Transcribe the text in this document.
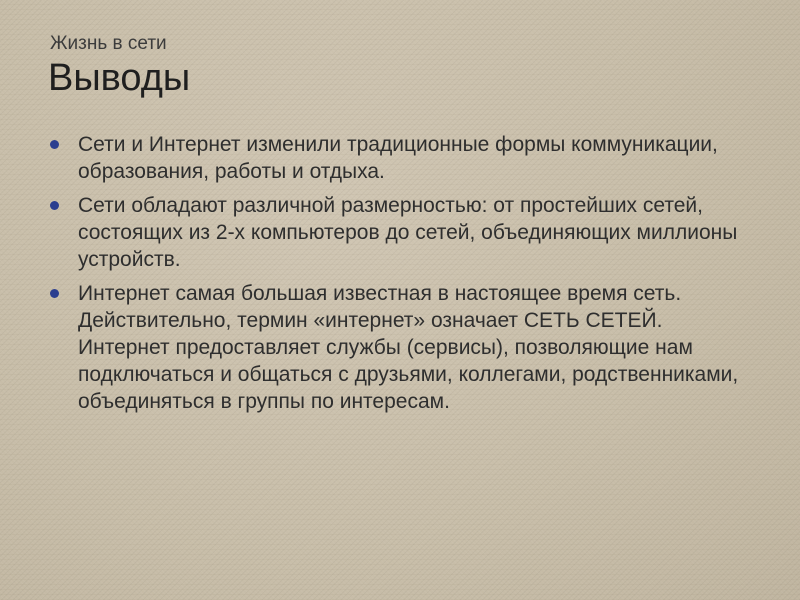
Жизнь в сети
Выводы
Сети и Интернет изменили традиционные формы коммуникации, образования, работы и отдыха.
Сети обладают различной размерностью: от простейших сетей, состоящих из 2-х компьютеров до сетей, объединяющих миллионы устройств.
Интернет самая большая известная в настоящее время сеть. Действительно, термин «интернет» означает СЕТЬ СЕТЕЙ. Интернет предоставляет службы (сервисы), позволяющие нам подключаться и общаться с друзьями, коллегами, родственниками, объединяться в группы по интересам.
